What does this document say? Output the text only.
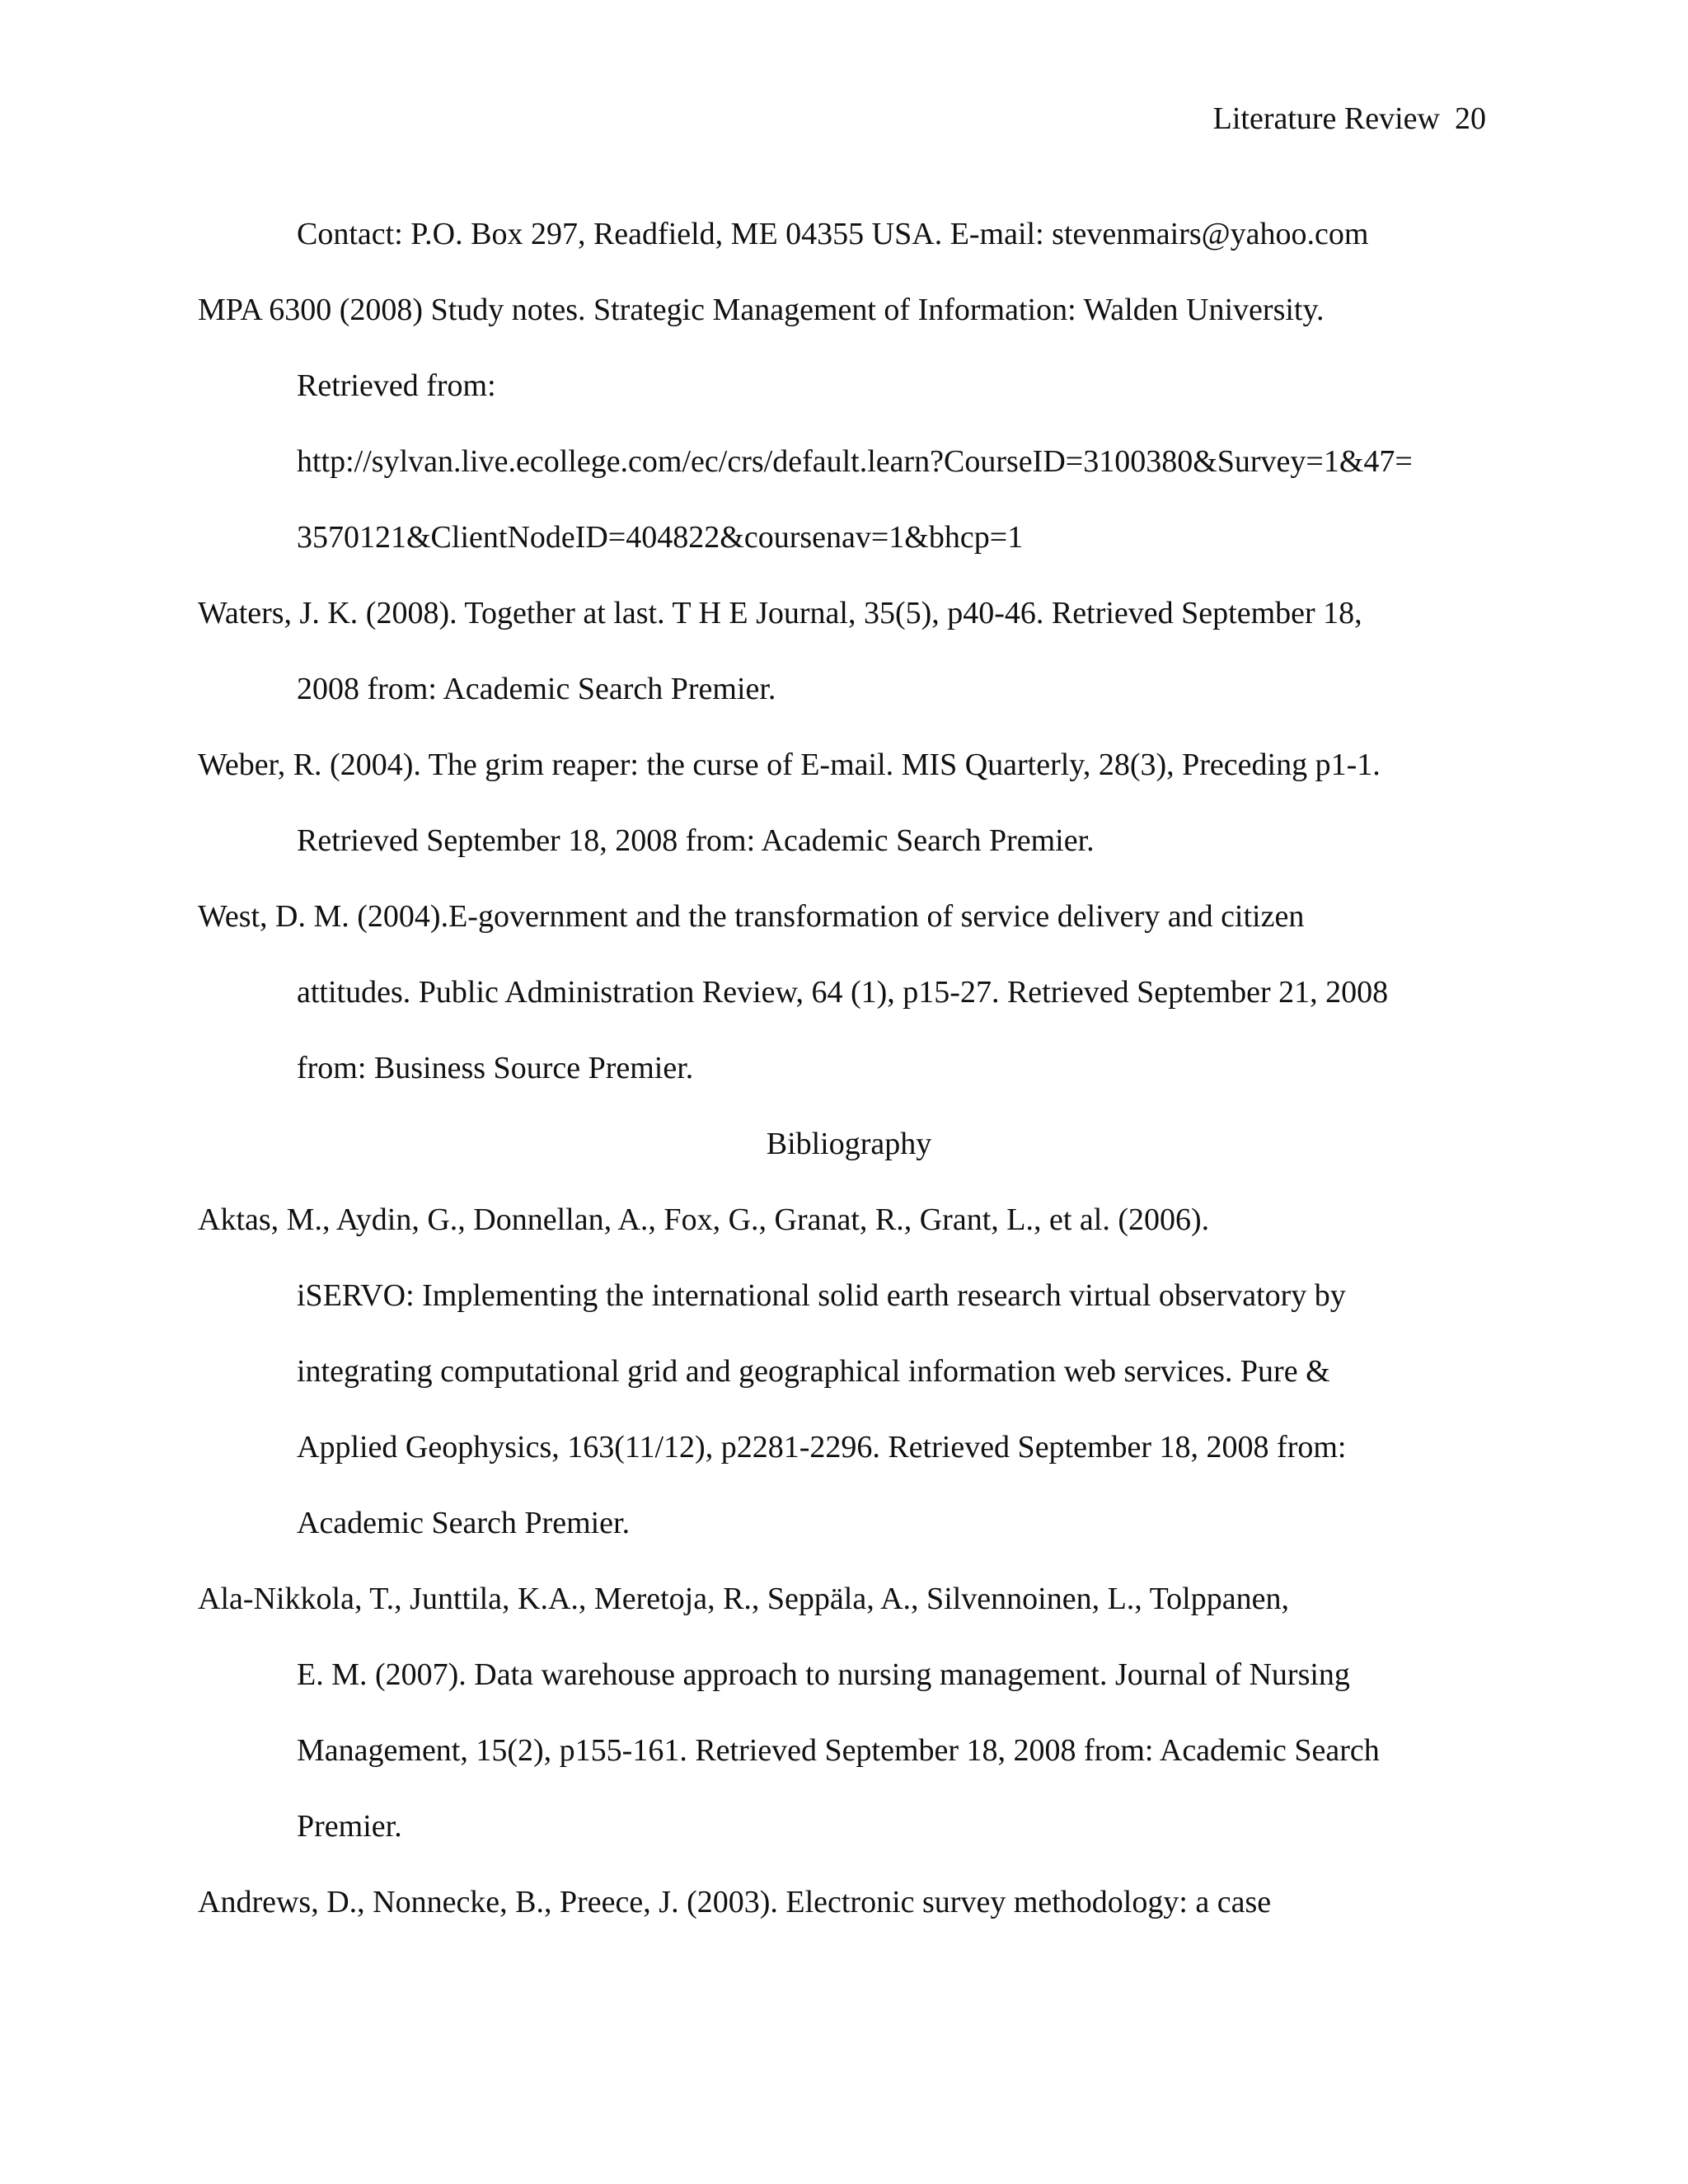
Literature Review 20
Contact: P.O. Box 297, Readfield, ME 04355 USA. E-mail: stevenmairs@yahoo.com
MPA 6300 (2008) Study notes. Strategic Management of Information: Walden University.
Retrieved from:
http://sylvan.live.ecollege.com/ec/crs/default.learn?CourseID=3100380&Survey=1&47=
3570121&ClientNodeID=404822&coursenav=1&bhcp=1
Waters, J. K. (2008). Together at last. T H E Journal, 35(5), p40-46. Retrieved September 18,
2008 from: Academic Search Premier.
Weber, R. (2004). The grim reaper: the curse of E-mail. MIS Quarterly, 28(3), Preceding p1-1.
Retrieved September 18, 2008 from: Academic Search Premier.
West, D. M. (2004).E-government and the transformation of service delivery and citizen
attitudes. Public Administration Review, 64 (1), p15-27. Retrieved September 21, 2008
from: Business Source Premier.
Bibliography
Aktas, M., Aydin, G., Donnellan, A., Fox, G., Granat, R., Grant, L., et al. (2006).
iSERVO: Implementing the international solid earth research virtual observatory by
integrating computational grid and geographical information web services. Pure &
Applied Geophysics, 163(11/12), p2281-2296. Retrieved September 18, 2008 from:
Academic Search Premier.
Ala-Nikkola, T., Junttila, K.A., Meretoja, R., Seppäla, A., Silvennoinen, L., Tolppanen,
E. M. (2007). Data warehouse approach to nursing management. Journal of Nursing
Management, 15(2), p155-161. Retrieved September 18, 2008 from: Academic Search
Premier.
Andrews, D., Nonnecke, B., Preece, J. (2003). Electronic survey methodology: a case
